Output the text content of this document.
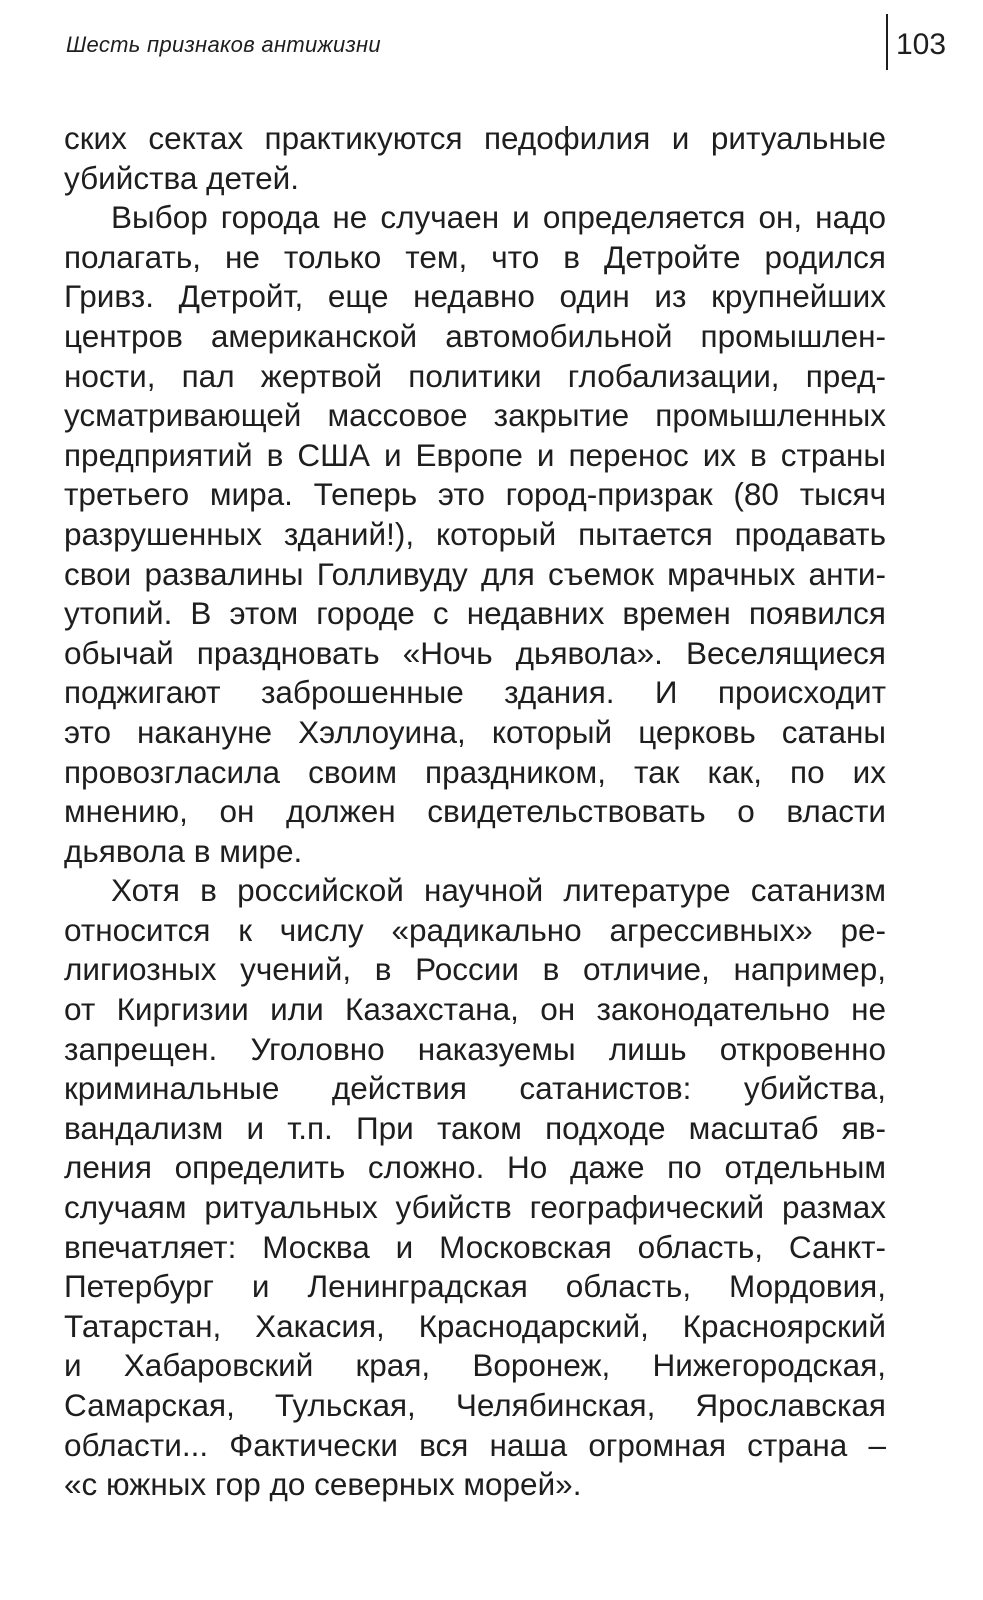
Шесть признаков антижизни	103
ских сектах практикуются педофилия и ритуальные
убийства детей.
Выбор города не случаен и определяется он, надо
полагать, не только тем, что в Детройте родился
Гривз. Детройт, еще недавно один из крупнейших
центров американской автомобильной промышлен-
ности, пал жертвой политики глобализации, пред-
усматривающей массовое закрытие промышленных
предприятий в США и Европе и перенос их в страны
третьего мира. Теперь это город-призрак (80 тысяч
разрушенных зданий!), который пытается продавать
свои развалины Голливуду для съемок мрачных анти-
утопий. В этом городе с недавних времен появился
обычай праздновать «Ночь дьявола». Веселящиеся
поджигают заброшенные здания. И происходит
это накануне Хэллоуина, который церковь сатаны
провозгласила своим праздником, так как, по их
мнению, он должен свидетельствовать о власти
дьявола в мире.
Хотя в российской научной литературе сатанизм
относится к числу «радикально агрессивных» ре-
лигиозных учений, в России в отличие, например,
от Киргизии или Казахстана, он законодательно не
запрещен. Уголовно наказуемы лишь откровенно
криминальные действия сатанистов: убийства,
вандализм и т.п. При таком подходе масштаб яв-
ления определить сложно. Но даже по отдельным
случаям ритуальных убийств географический размах
впечатляет: Москва и Московская область, Санкт-
Петербург и Ленинградская область, Мордовия,
Татарстан, Хакасия, Краснодарский, Красноярский
и Хабаровский края, Воронеж, Нижегородская,
Самарская, Тульская, Челябинская, Ярославская
области... Фактически вся наша огромная страна –
«с южных гор до северных морей».
